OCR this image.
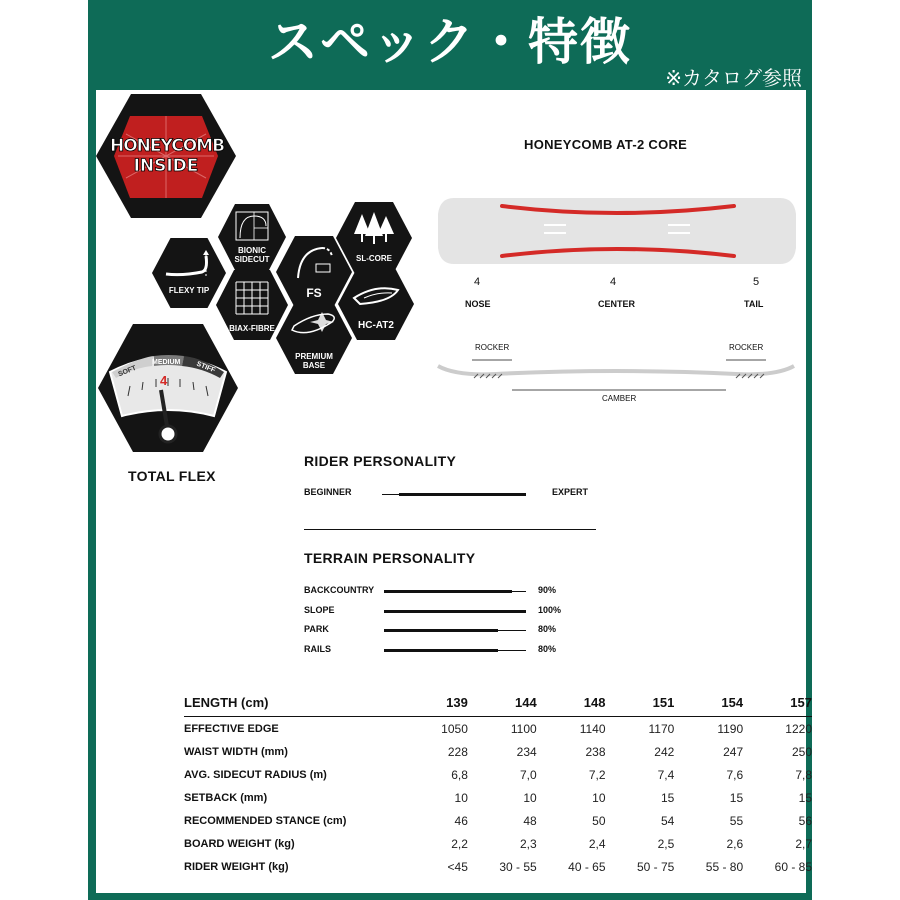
スペック・特徴
※カタログ参照
HONEYCOMB
INSIDE
BIONIC SIDECUT	SL-CORE
FLEXY TIP	FS
BIAX-FIBRE	HC-AT2
PREMIUM BASE
SOFT
MEDIUM STIFF
4
TOTAL FLEX
HONEYCOMB AT-2 CORE
4	4	5
NOSE	CENTER	TAIL
ROCKER	ROCKER
CAMBER
RIDER PERSONALITY
BEGINNER	EXPERT
TERRAIN PERSONALITY
BACKCOUNTRY	90%
SLOPE	100%
PARK	80%
RAILS	80%
LENGTH (cm)	139	144	148	151	154	157
EFFECTIVE EDGE	1050	1100	1140	1170	1190	1220
WAIST WIDTH (mm)	228	234	238	242	247	250
AVG. SIDECUT RADIUS (m)	6,8	7,0	7,2	7,4	7,6	7,8
SETBACK (mm)	10	10	10	15	15	15
RECOMMENDED STANCE (cm)	46	48	50	54	55	56
BOARD WEIGHT (kg)	2,2	2,3	2,4	2,5	2,6	2,7
RIDER WEIGHT (kg)	<45	30 - 55	40 - 65	50 - 75	55 - 80	60 - 85
